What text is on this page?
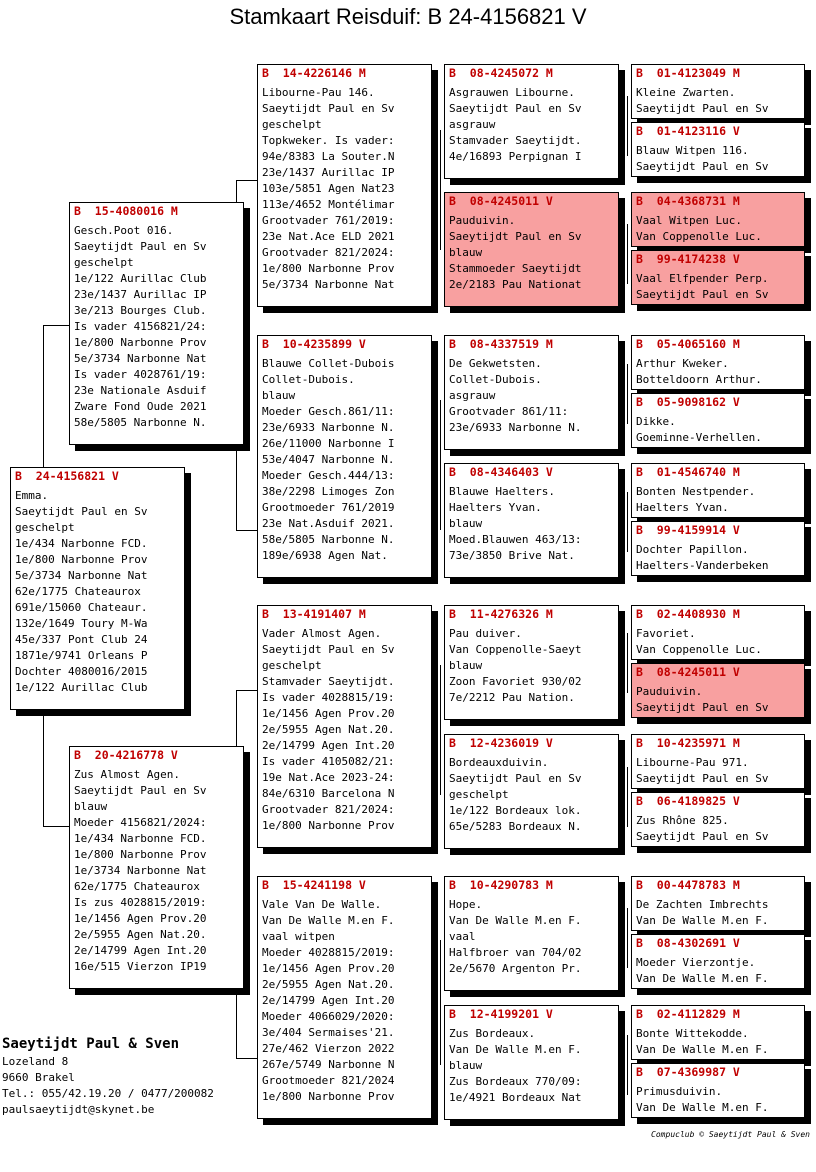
Stamkaart Reisduif: B 24-4156821 V
B  24-4156821 V
Emma.
Saeytijdt Paul en Sv
geschelpt
1e/434 Narbonne FCD.
1e/800 Narbonne Prov
5e/3734 Narbonne Nat
62e/1775 Chateaurox
691e/15060 Chateaur.
132e/1649 Toury M-Wa
45e/337 Pont Club 24
1871e/9741 Orleans P
Dochter 4080016/2015
1e/122 Aurillac Club
B  15-4080016 M
Gesch.Poot 016.
Saeytijdt Paul en Sv
geschelpt
1e/122 Aurillac Club
23e/1437 Aurillac IP
3e/213 Bourges Club.
Is vader 4156821/24:
1e/800 Narbonne Prov
5e/3734 Narbonne Nat
Is vader 4028761/19:
23e Nationale Asduif
Zware Fond Oude 2021
58e/5805 Narbonne N.
B  20-4216778 V
Zus Almost Agen.
Saeytijdt Paul en Sv
blauw
Moeder 4156821/2024:
1e/434 Narbonne FCD.
1e/800 Narbonne Prov
1e/3734 Narbonne Nat
62e/1775 Chateaurox
Is zus 4028815/2019:
1e/1456 Agen Prov.20
2e/5955 Agen Nat.20.
2e/14799 Agen Int.20
16e/515 Vierzon IP19
B  14-4226146 M
Libourne-Pau 146.
Saeytijdt Paul en Sv
geschelpt
Topkweker. Is vader:
94e/8383 La Souter.N
23e/1437 Aurillac IP
103e/5851 Agen Nat23
113e/4652 Montélimar
Grootvader 761/2019:
23e Nat.Ace ELD 2021
Grootvader 821/2024:
1e/800 Narbonne Prov
5e/3734 Narbonne Nat
B  10-4235899 V
Blauwe Collet-Dubois
Collet-Dubois.
blauw
Moeder Gesch.861/11:
23e/6933 Narbonne N.
26e/11000 Narbonne I
53e/4047 Narbonne N.
Moeder Gesch.444/13:
38e/2298 Limoges Zon
Grootmoeder 761/2019
23e Nat.Asduif 2021.
58e/5805 Narbonne N.
189e/6938 Agen Nat.
B  13-4191407 M
Vader Almost Agen.
Saeytijdt Paul en Sv
geschelpt
Stamvader Saeytijdt.
Is vader 4028815/19:
1e/1456 Agen Prov.20
2e/5955 Agen Nat.20.
2e/14799 Agen Int.20
Is vader 4105082/21:
19e Nat.Ace 2023-24:
84e/6310 Barcelona N
Grootvader 821/2024:
1e/800 Narbonne Prov
B  15-4241198 V
Vale Van De Walle.
Van De Walle M.en F.
vaal witpen
Moeder 4028815/2019:
1e/1456 Agen Prov.20
2e/5955 Agen Nat.20.
2e/14799 Agen Int.20
Moeder 4066029/2020:
3e/404 Sermaises'21.
27e/462 Vierzon 2022
267e/5749 Narbonne N
Grootmoeder 821/2024
1e/800 Narbonne Prov
B  08-4245072 M
Asgrauwen Libourne.
Saeytijdt Paul en Sv
asgrauw
Stamvader Saeytijdt.
4e/16893 Perpignan I
B  08-4245011 V
Pauduivin.
Saeytijdt Paul en Sv
blauw
Stammoeder Saeytijdt
2e/2183 Pau Nationat
B  08-4337519 M
De Gekwetsten.
Collet-Dubois.
asgrauw
Grootvader 861/11:
23e/6933 Narbonne N.
B  08-4346403 V
Blauwe Haelters.
Haelters Yvan.
blauw
Moed.Blauwen 463/13:
73e/3850 Brive Nat.
B  11-4276326 M
Pau duiver.
Van Coppenolle-Saeyt
blauw
Zoon Favoriet 930/02
7e/2212 Pau Nation.
B  12-4236019 V
Bordeauxduivin.
Saeytijdt Paul en Sv
geschelpt
1e/122 Bordeaux lok.
65e/5283 Bordeaux N.
B  10-4290783 M
Hope.
Van De Walle M.en F.
vaal
Halfbroer van 704/02
2e/5670 Argenton Pr.
B  12-4199201 V
Zus Bordeaux.
Van De Walle M.en F.
blauw
Zus Bordeaux 770/09:
1e/4921 Bordeaux Nat
B  01-4123049 M
Kleine Zwarten.
Saeytijdt Paul en Sv
B  01-4123116 V
Blauw Witpen 116.
Saeytijdt Paul en Sv
B  04-4368731 M
Vaal Witpen Luc.
Van Coppenolle Luc.
B  99-4174238 V
Vaal Elfpender Perp.
Saeytijdt Paul en Sv
B  05-4065160 M
Arthur Kweker.
Botteldoorn Arthur.
B  05-9098162 V
Dikke.
Goeminne-Verhellen.
B  01-4546740 M
Bonten Nestpender.
Haelters Yvan.
B  99-4159914 V
Dochter Papillon.
Haelters-Vanderbeken
B  02-4408930 M
Favoriet.
Van Coppenolle Luc.
B  08-4245011 V
Pauduivin.
Saeytijdt Paul en Sv
B  10-4235971 M
Libourne-Pau 971.
Saeytijdt Paul en Sv
B  06-4189825 V
Zus Rhône 825.
Saeytijdt Paul en Sv
B  00-4478783 M
De Zachten Imbrechts
Van De Walle M.en F.
B  08-4302691 V
Moeder Vierzontje.
Van De Walle M.en F.
B  02-4112829 M
Bonte Wittekodde.
Van De Walle M.en F.
B  07-4369987 V
Primusduivin.
Van De Walle M.en F.
Saeytijdt Paul & Sven
Lozeland 8
9660 Brakel
Tel.: 055/42.19.20 / 0477/200082
paulsaeytijdt@skynet.be
Compuclub © Saeytijdt Paul & Sven
